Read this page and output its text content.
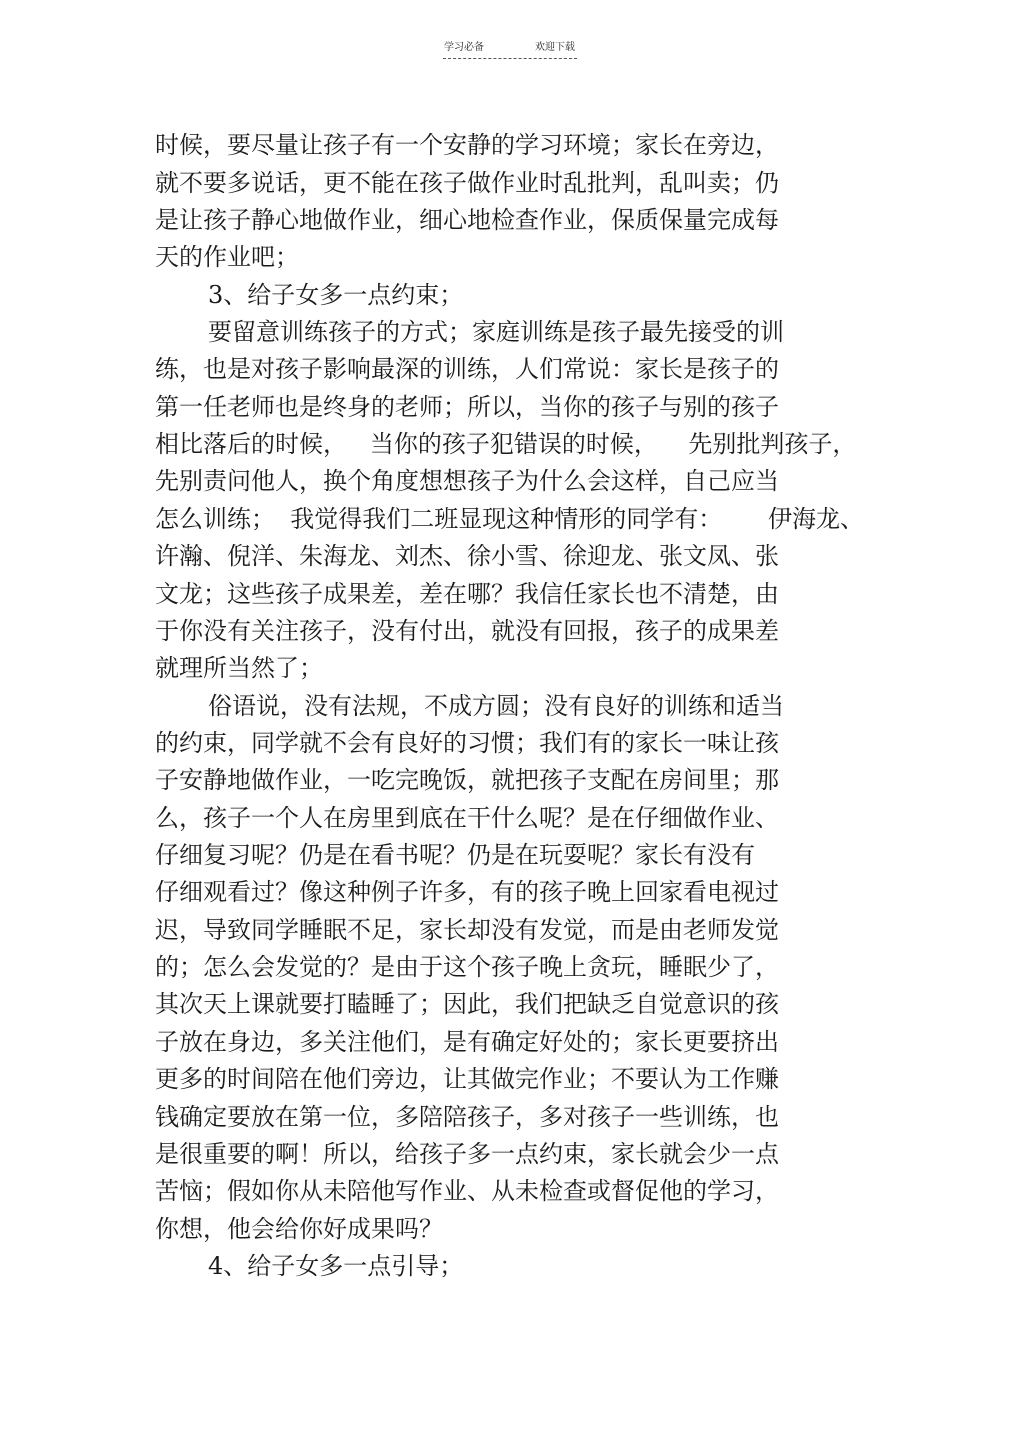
学习必备	欢迎下载
时候，要尽量让孩子有一个安静的学习环境；家长在旁边，
就不要多说话，更不能在孩子做作业时乱批判，乱叫卖；仍
是让孩子静心地做作业，细心地检查作业，保质保量完成每
天的作业吧；
3、给子女多一点约束；
要留意训练孩子的方式；家庭训练是孩子最先接受的训
练，也是对孩子影响最深的训练，人们常说：家长是孩子的
第一任老师也是终身的老师；所以，当你的孩子与别的孩子
相比落后的时候，   当你的孩子犯错误的时候，    先别批判孩子，
先别责问他人，换个角度想想孩子为什么会这样，自己应当
怎么训练；  我觉得我们二班显现这种情形的同学有：      伊海龙、
许瀚、倪洋、朱海龙、刘杰、徐小雪、徐迎龙、张文凤、张
文龙；这些孩子成果差，差在哪？我信任家长也不清楚，由
于你没有关注孩子，没有付出，就没有回报，孩子的成果差
就理所当然了；
俗语说，没有法规，不成方圆；没有良好的训练和适当
的约束，同学就不会有良好的习惯；我们有的家长一味让孩
子安静地做作业，一吃完晚饭，就把孩子支配在房间里；那
么，孩子一个人在房里到底在干什么呢？是在仔细做作业、
仔细复习呢？仍是在看书呢？仍是在玩耍呢？家长有没有
仔细观看过？像这种例子许多，有的孩子晚上回家看电视过
迟，导致同学睡眠不足，家长却没有发觉，而是由老师发觉
的；怎么会发觉的？是由于这个孩子晚上贪玩，睡眠少了，
其次天上课就要打瞌睡了；因此，我们把缺乏自觉意识的孩
子放在身边，多关注他们，是有确定好处的；家长更要挤出
更多的时间陪在他们旁边，让其做完作业；不要认为工作赚
钱确定要放在第一位，多陪陪孩子，多对孩子一些训练，也
是很重要的啊！所以，给孩子多一点约束，家长就会少一点
苦恼；假如你从未陪他写作业、从未检查或督促他的学习，
你想，他会给你好成果吗？
4、给子女多一点引导；
